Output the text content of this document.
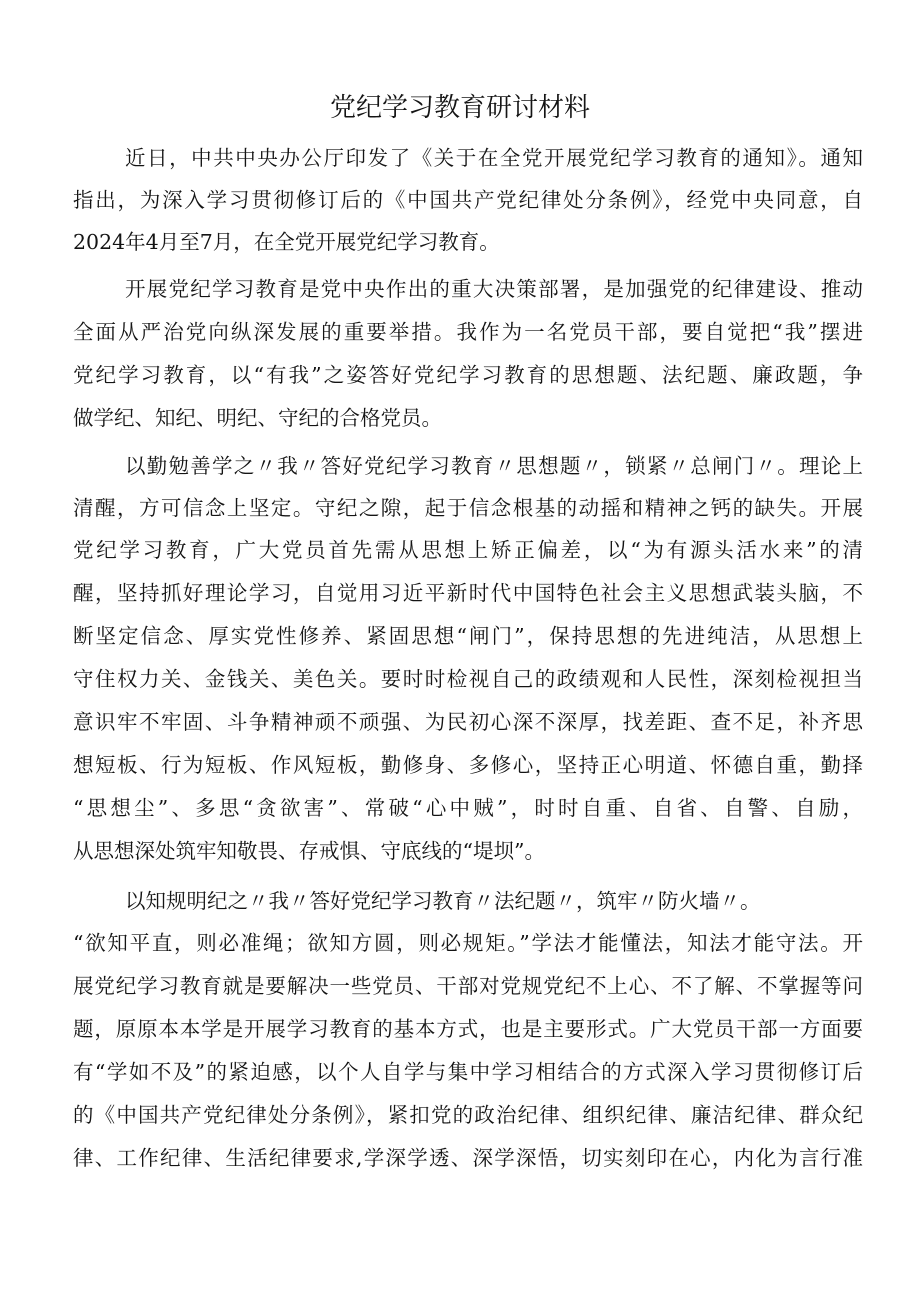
党纪学习教育研讨材料
近日，中共中央办公厅印发了《关于在全党开展党纪学习教育的通知》。通知
指出，为深入学习贯彻修订后的《中国共产党纪律处分条例》，经党中央同意，自
2024年4月至7月，在全党开展党纪学习教育。
开展党纪学习教育是党中央作出的重大决策部署，是加强党的纪律建设、推动
全面从严治党向纵深发展的重要举措。我作为一名党员干部，要自觉把“我”摆进
党纪学习教育，以“有我”之姿答好党纪学习教育的思想题、法纪题、廉政题，争
做学纪、知纪、明纪、守纪的合格党员。
以勤勉善学之〃我〃答好党纪学习教育〃思想题〃，锁紧〃总闸门〃。理论上
清醒，方可信念上坚定。守纪之隙，起于信念根基的动摇和精神之钙的缺失。开展
党纪学习教育，广大党员首先需从思想上矫正偏差，以“为有源头活水来”的清
醒，坚持抓好理论学习，自觉用习近平新时代中国特色社会主义思想武装头脑，不
断坚定信念、厚实党性修养、紧固思想“闸门”，保持思想的先进纯洁，从思想上
守住权力关、金钱关、美色关。要时时检视自己的政绩观和人民性，深刻检视担当
意识牢不牢固、斗争精神顽不顽强、为民初心深不深厚，找差距、查不足，补齐思
想短板、行为短板、作风短板，勤修身、多修心，坚持正心明道、怀德自重，勤择
“思想尘”、多思“贪欲害”、常破“心中贼”，时时自重、自省、自警、自励，
从思想深处筑牢知敬畏、存戒惧、守底线的“堤坝”。
以知规明纪之〃我〃答好党纪学习教育〃法纪题〃，筑牢〃防火墙〃。
“欲知平直，则必准绳；欲知方圆，则必规矩。”学法才能懂法，知法才能守法。开
展党纪学习教育就是要解决一些党员、干部对党规党纪不上心、不了解、不掌握等问
题，原原本本学是开展学习教育的基本方式，也是主要形式。广大党员干部一方面要
有“学如不及”的紧迫感，以个人自学与集中学习相结合的方式深入学习贯彻修订后
的《中国共产党纪律处分条例》，紧扣党的政治纪律、组织纪律、廉洁纪律、群众纪
律、工作纪律、生活纪律要求,学深学透、深学深悟，切实刻印在心，内化为言行准
